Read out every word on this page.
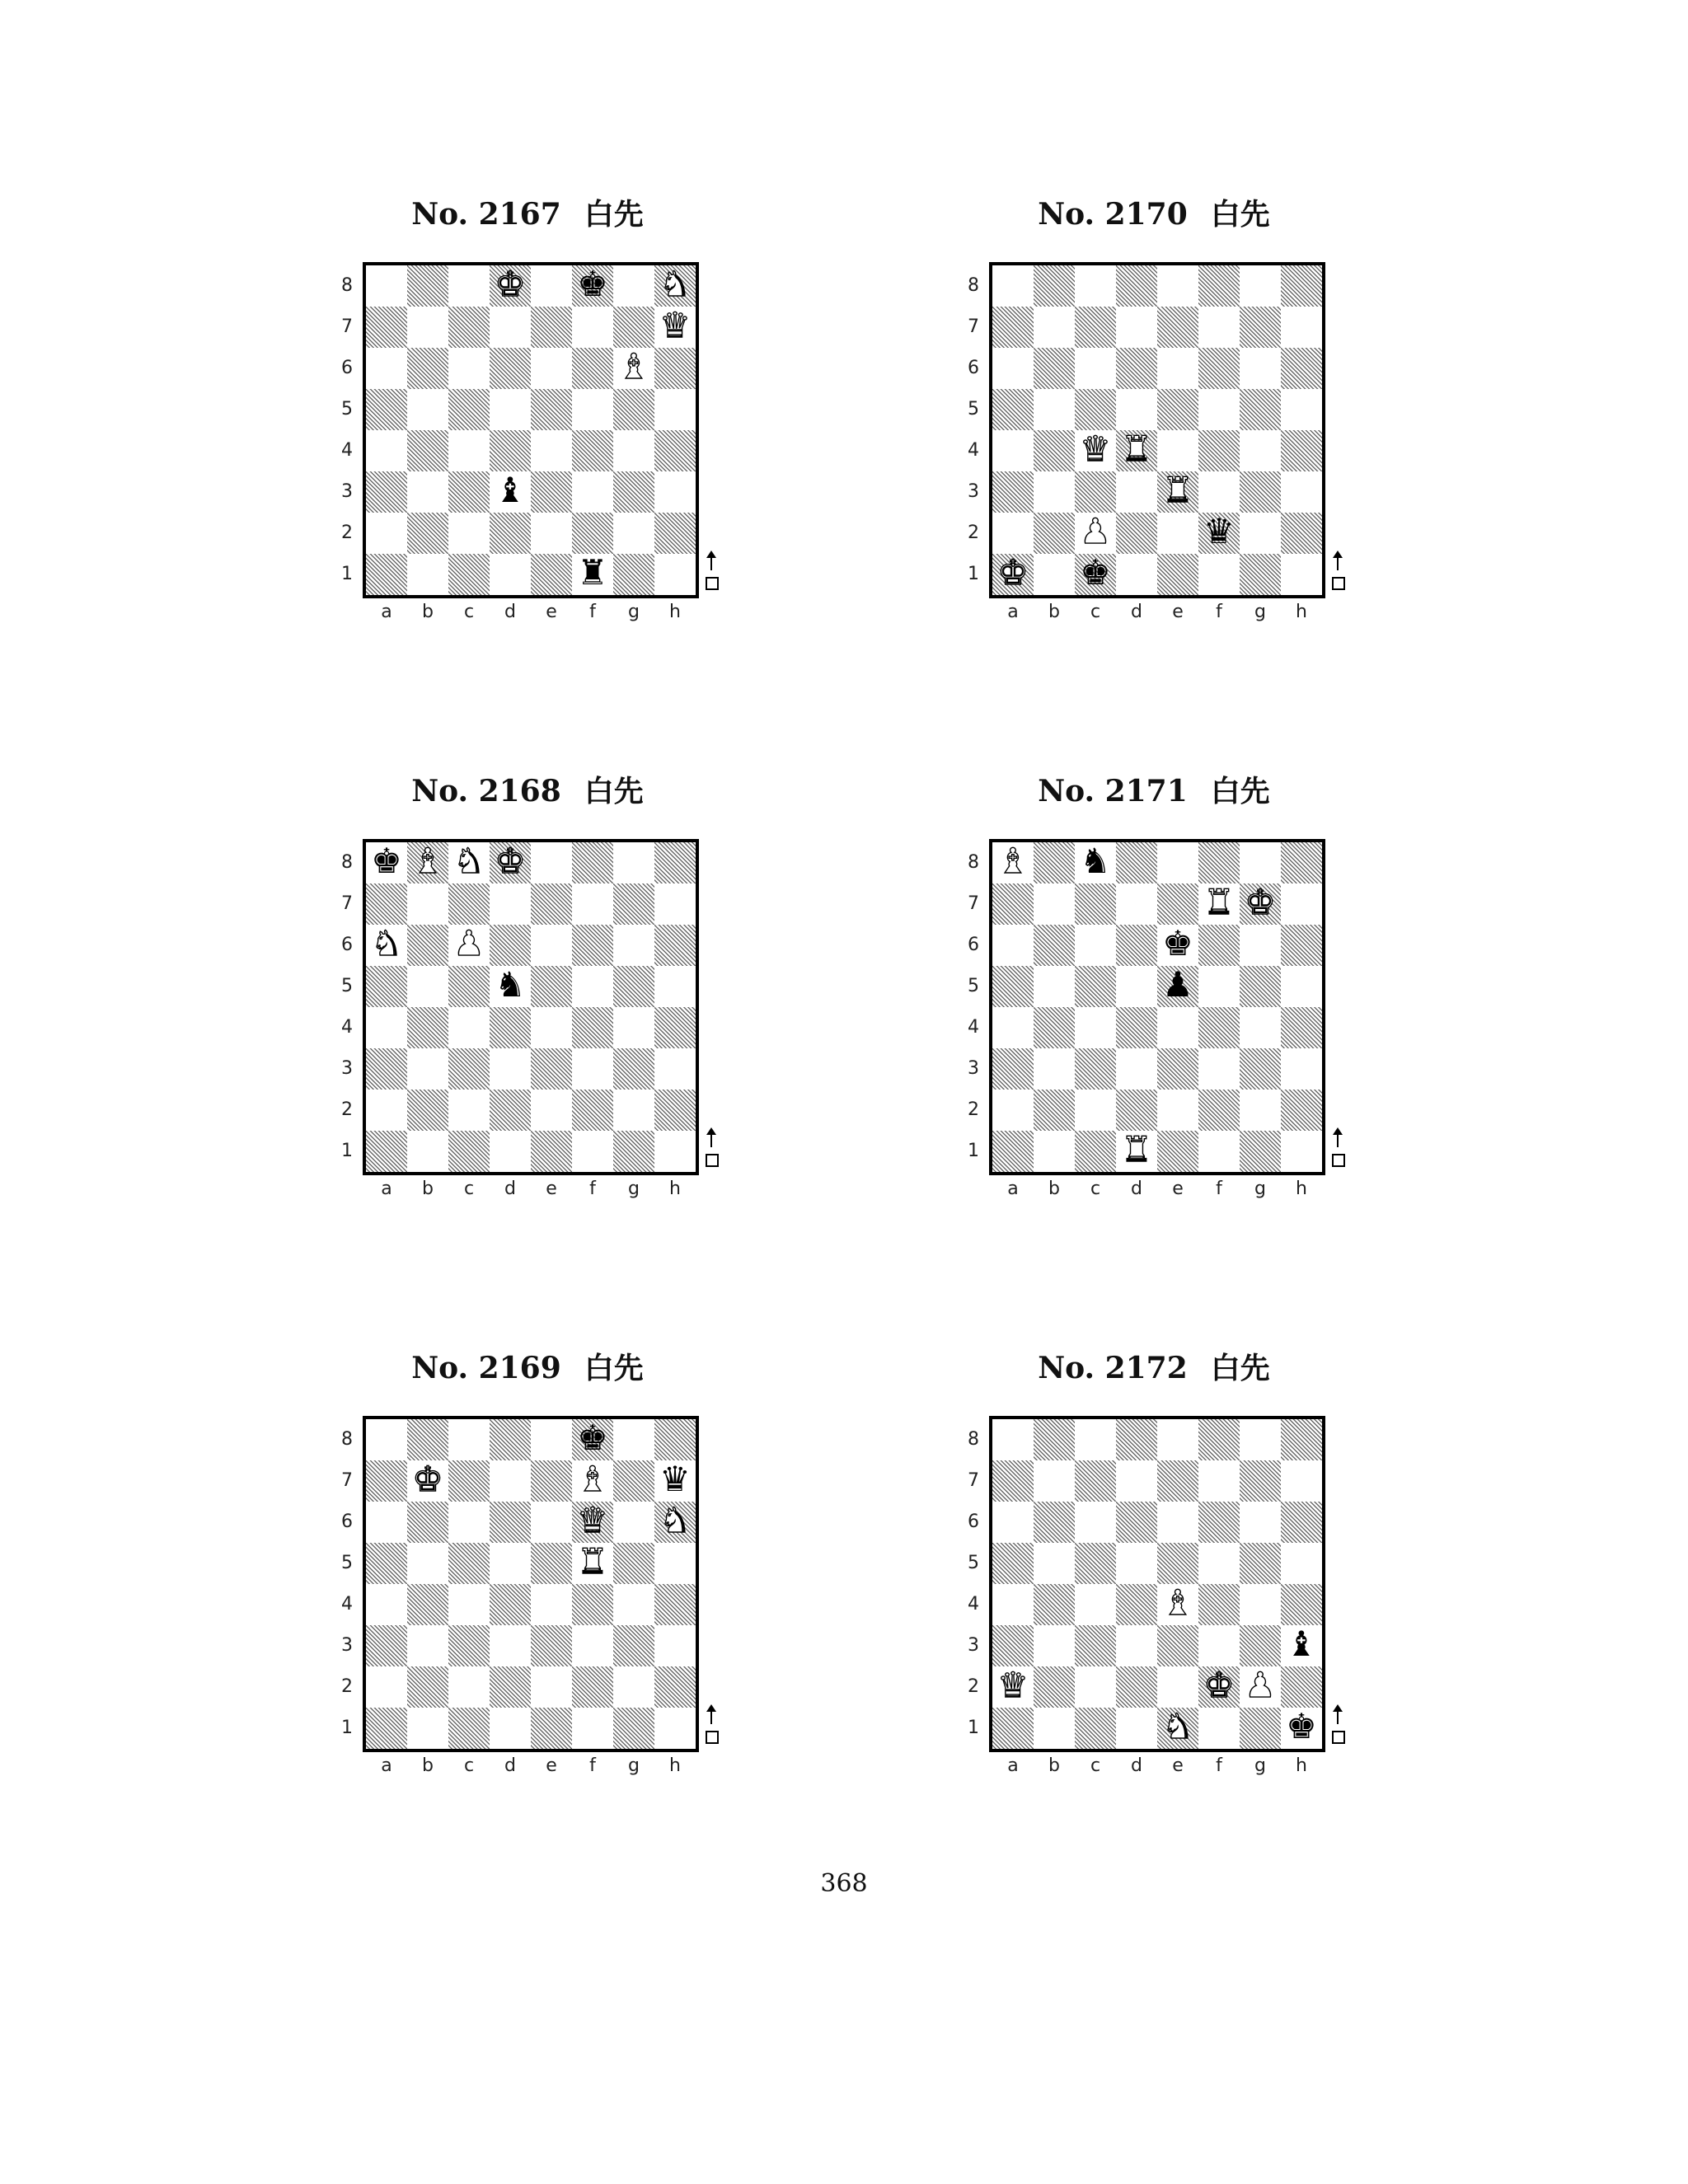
No. 2167 白先
♚ ♚ ♞
♛
♝
♝
♜
8
7
6
5
4
3
2
1
a	b	c	d	e	f	g	h
No. 2170 白先
♛ ♜
♜
♟	♛
♚ ♚
8
7
6
5
4
3
2
1
a	b	c	d	e	f	g	h
No. 2168 白先
♚ ♝ ♞ ♚
♞ ♟
♞
8
7
6
5
4
3
2
1
a	b	c	d	e	f	g	h
No. 2171 白先
♝ ♞
♜ ♚
♚
♟
♜
8
7
6
5
4
3
2
1
a	b	c	d	e	f	g	h
No. 2169 白先
♚
♚	♝ ♛
♛ ♞
♜
8
7
6
5
4
3
2
1
a	b	c	d	e	f	g	h
No. 2172 白先
♝
♝
♛	♚ ♟
♞	♚
8
7
6
5
4
3
2
1
a	b	c	d	e	f	g	h
368
